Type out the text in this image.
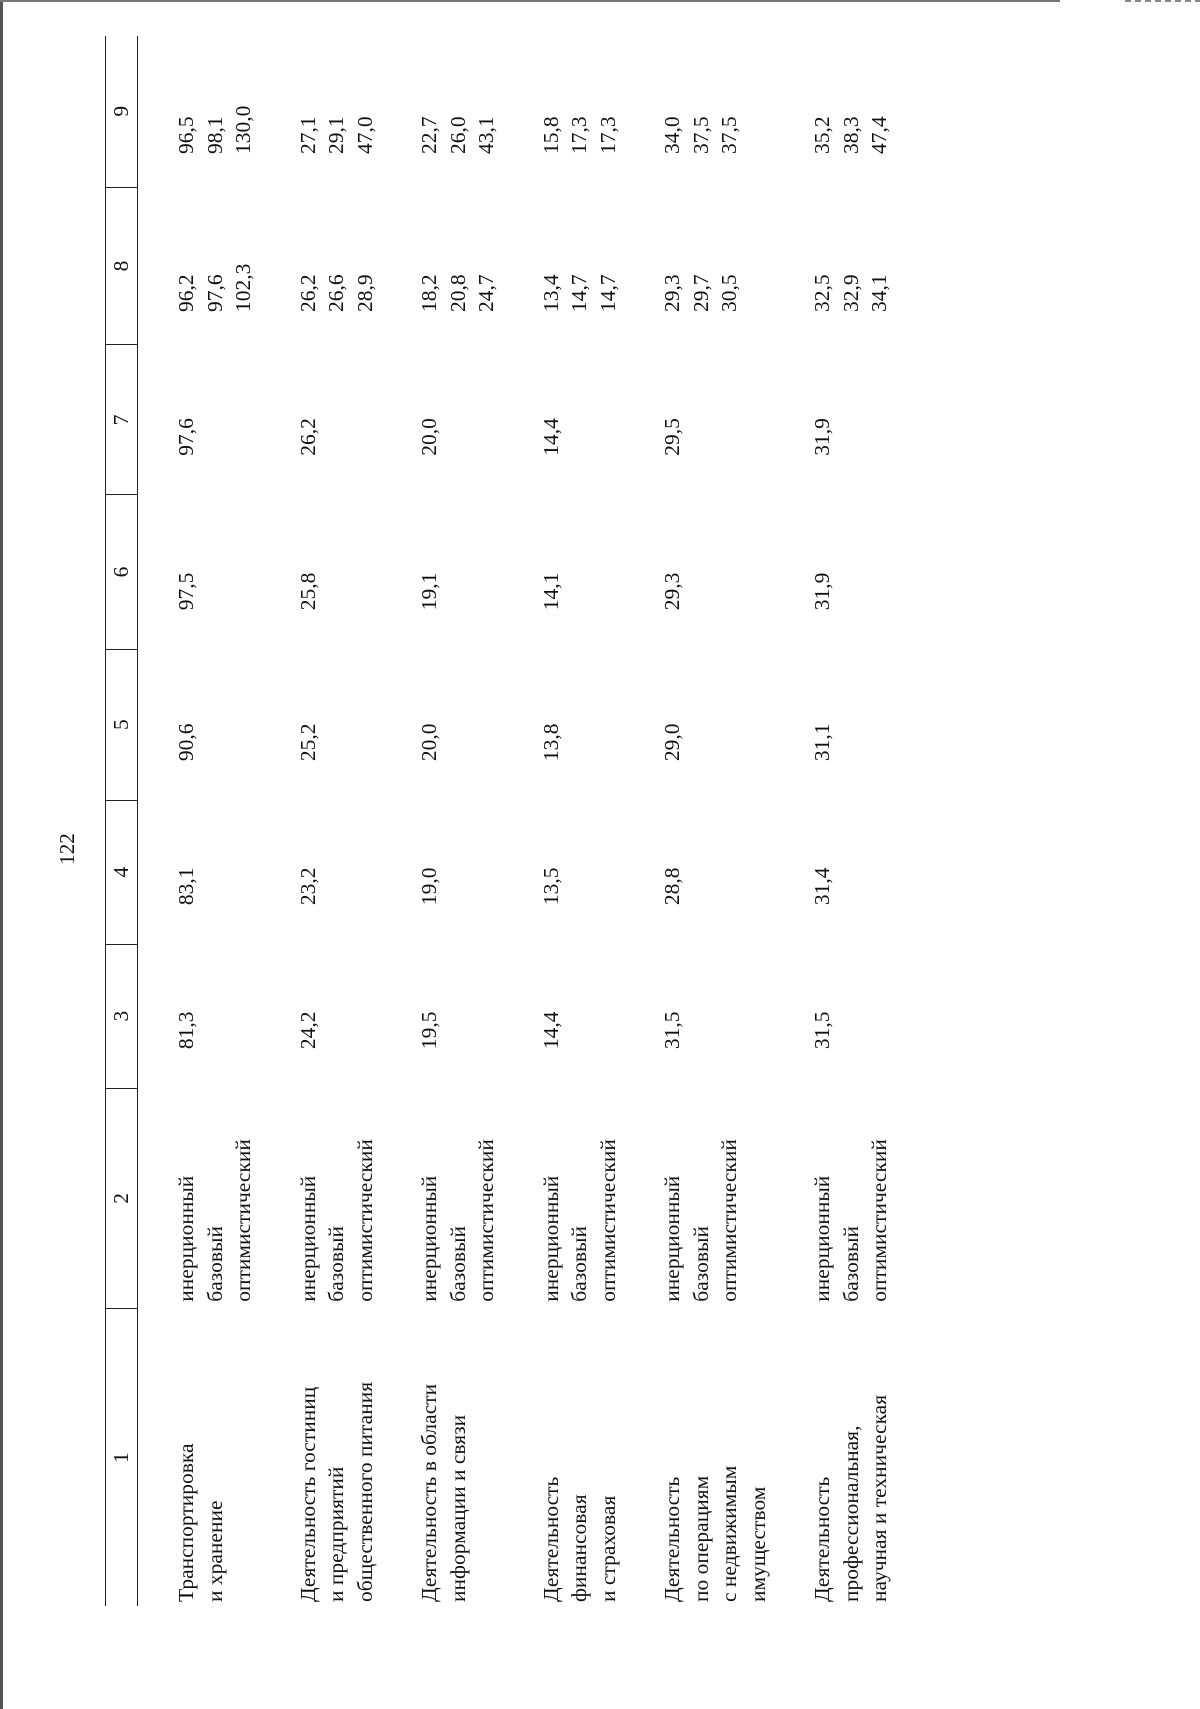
122
1	2	3	4	5	6	7	8	9

Транспортировка и хранение	инерционный базовый оптимистический	81,3	83,1	90,6	97,5	97,6	96,2 97,6 102,3	96,5 98,1 130,0

Деятельность гостиниц и предприятий общественного питания	инерционный базовый оптимистический	24,2	23,2	25,2	25,8	26,2	26,2 26,6 28,9	27,1 29,1 47,0

Деятельность в области информации и связи	инерционный базовый оптимистический	19,5	19,0	20,0	19,1	20,0	18,2 20,8 24,7	22,7 26,0 43,1

Деятельность финансовая и страховая	инерционный базовый оптимистический	14,4	13,5	13,8	14,1	14,4	13,4 14,7 14,7	15,8 17,3 17,3

Деятельность по операциям с недвижимым имуществом	инерционный базовый оптимистический	31,5	28,8	29,0	29,3	29,5	29,3 29,7 30,5	34,0 37,5 37,5

Деятельность профессиональная, научная и техническая	инерционный базовый оптимистический	31,5	31,4	31,1	31,9	31,9	32,5 32,9 34,1	35,2 38,3 47,4
